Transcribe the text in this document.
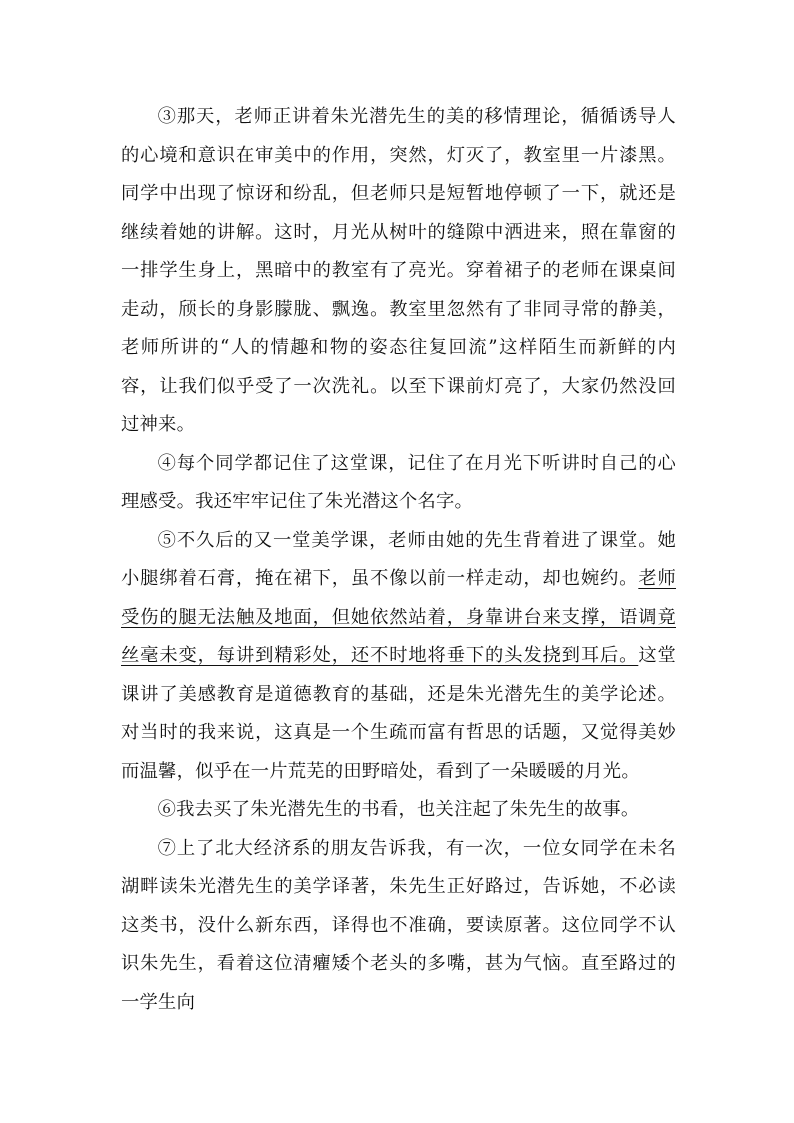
③那天，老师正讲着朱光潜先生的美的移情理论，循循诱导人的心境和意识在审美中的作用，突然，灯灭了，教室里一片漆黑。同学中出现了惊讶和纷乱，但老师只是短暂地停顿了一下，就还是继续着她的讲解。这时，月光从树叶的缝隙中洒进来，照在靠窗的一排学生身上，黑暗中的教室有了亮光。穿着裙子的老师在课桌间走动，颀长的身影朦胧、飘逸。教室里忽然有了非同寻常的静美，老师所讲的“人的情趣和物的姿态往复回流”这样陌生而新鲜的内容，让我们似乎受了一次洗礼。以至下课前灯亮了，大家仍然没回过神来。

④每个同学都记住了这堂课，记住了在月光下听讲时自己的心理感受。我还牢牢记住了朱光潜这个名字。

⑤不久后的又一堂美学课，老师由她的先生背着进了课堂。她小腿绑着石膏，掩在裙下，虽不像以前一样走动，却也婉约。老师受伤的腿无法触及地面，但她依然站着，身靠讲台来支撑，语调竟丝毫未变，每讲到精彩处，还不时地将垂下的头发挠到耳后。这堂课讲了美感教育是道德教育的基础，还是朱光潜先生的美学论述。对当时的我来说，这真是一个生疏而富有哲思的话题，又觉得美妙而温馨，似乎在一片荒芜的田野暗处，看到了一朵暖暖的月光。

⑥我去买了朱光潜先生的书看，也关注起了朱先生的故事。

⑦上了北大经济系的朋友告诉我，有一次，一位女同学在未名湖畔读朱光潜先生的美学译著，朱先生正好路过，告诉她，不必读这类书，没什么新东西，译得也不准确，要读原著。这位同学不认识朱先生，看着这位清癯矮个老头的多嘴，甚为气恼。直至路过的一学生向
